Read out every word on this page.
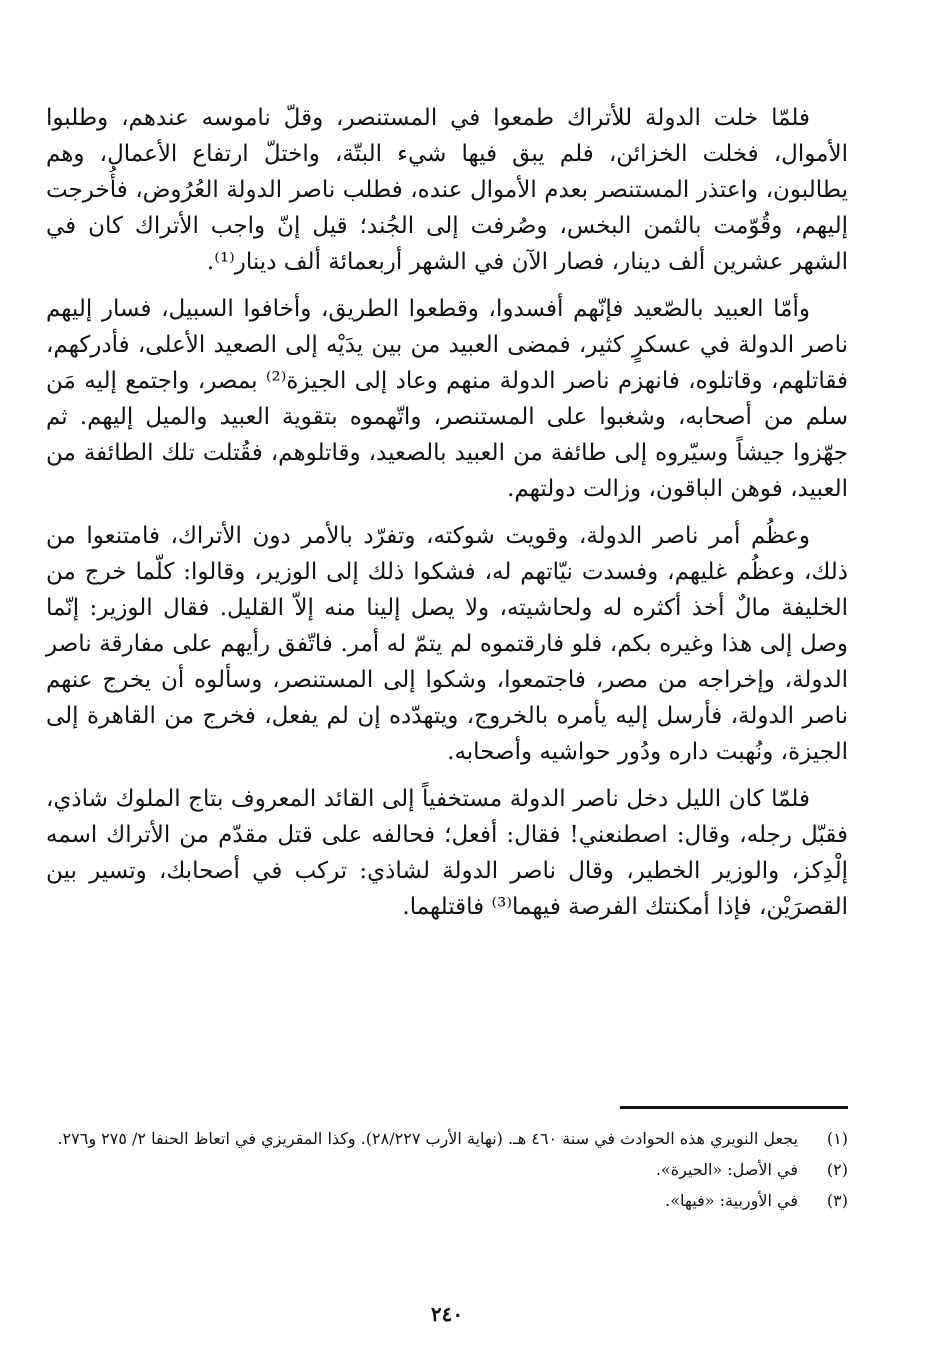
فلمّا خلت الدولة للأتراك طمعوا في المستنصر، وقلّ ناموسه عندهم، وطلبوا الأموال، فخلت الخزائن، فلم يبق فيها شيء البتّة، واختلّ ارتفاع الأعمال، وهم يطالبون، واعتذر المستنصر بعدم الأموال عنده، فطلب ناصر الدولة العُرُوض، فأُخرجت إليهم، وقُوّمت بالثمن البخس، وصُرفت إلى الجُند؛ قيل إنّ واجب الأتراك كان في الشهر عشرين ألف دينار، فصار الآن في الشهر أربعمائة ألف دينار⁽¹⁾.

وأمّا العبيد بالصّعيد فإنّهم أفسدوا، وقطعوا الطريق، وأخافوا السبيل، فسار إليهم ناصر الدولة في عسكرٍ كثير، فمضى العبيد من بين يدَيْه إلى الصعيد الأعلى، فأدركهم، فقاتلهم، وقاتلوه، فانهزم ناصر الدولة منهم وعاد إلى الجيزة⁽²⁾ بمصر، واجتمع إليه مَن سلم من أصحابه، وشغبوا على المستنصر، واتّهموه بتقوية العبيد والميل إليهم. ثم جهّزوا جيشاً وسيّروه إلى طائفة من العبيد بالصعيد، وقاتلوهم، فقُتلت تلك الطائفة من العبيد، فوهن الباقون، وزالت دولتهم.

وعظُم أمر ناصر الدولة، وقويت شوكته، وتفرّد بالأمر دون الأتراك، فامتنعوا من ذلك، وعظُم غليهم، وفسدت نيّاتهم له، فشكوا ذلك إلى الوزير، وقالوا: كلّما خرج من الخليفة مالٌ أخذ أكثره له ولحاشيته، ولا يصل إلينا منه إلاّ القليل. فقال الوزير: إنّما وصل إلى هذا وغيره بكم، فلو فارقتموه لم يتمّ له أمر. فاتّفق رأيهم على مفارقة ناصر الدولة، وإخراجه من مصر، فاجتمعوا، وشكوا إلى المستنصر، وسألوه أن يخرج عنهم ناصر الدولة، فأرسل إليه يأمره بالخروج، ويتهدّده إن لم يفعل، فخرج من القاهرة إلى الجيزة، ونُهبت داره ودُور حواشيه وأصحابه.

فلمّا كان الليل دخل ناصر الدولة مستخفياً إلى القائد المعروف بتاج الملوك شاذي، فقبّل رجله، وقال: اصطنعني! فقال: أفعل؛ فحالفه على قتل مقدّم من الأتراك اسمه إلْدِكز، والوزير الخطير، وقال ناصر الدولة لشاذي: تركب في أصحابك، وتسير بين القصرَيْن، فإذا أمكنتك الفرصة فيهما⁽³⁾ فاقتلهما.

(١)
يجعل النويري هذه الحوادث في سنة ٤٦٠ هـ. (نهاية الأرب ٢٨/٢٢٧). وكذا المقريزي في اتعاظ الحنفا ٢/ ٢٧٥ و٢٧٦.
(٢)
في الأصل: «الحيرة».
(٣)
في الأوربية: «فيها».
٢٤٠
